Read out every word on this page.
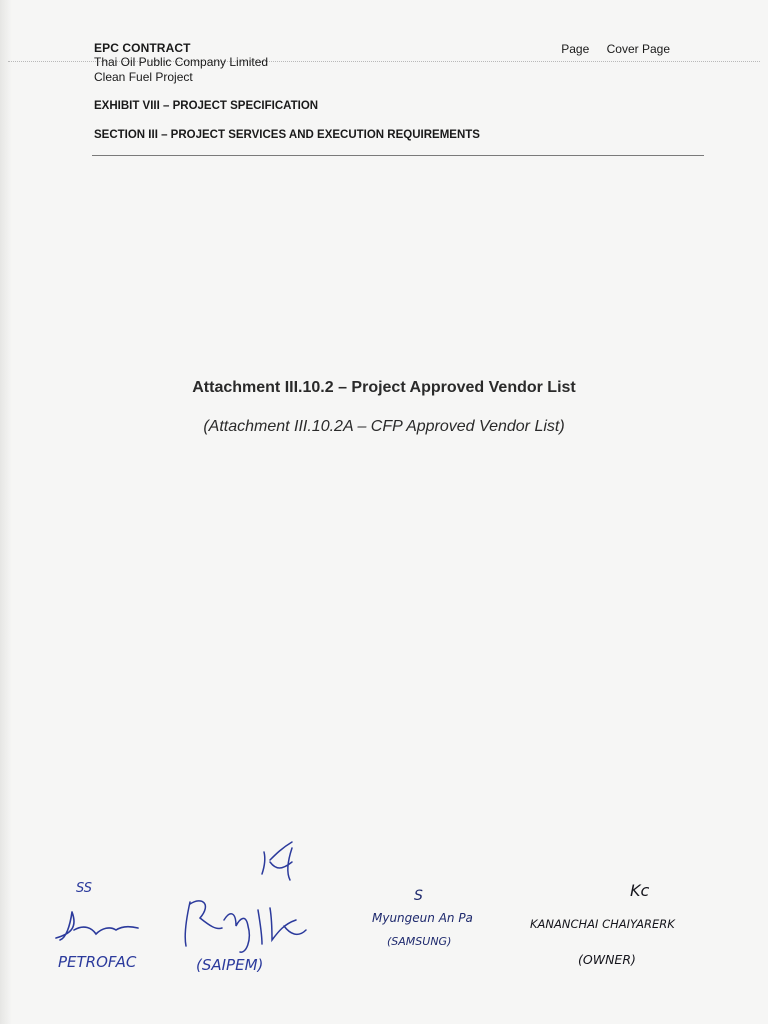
EPC CONTRACT
Thai Oil Public Company Limited
Clean Fuel Project
Page Cover Page
EXHIBIT VIII – PROJECT SPECIFICATION
SECTION III – PROJECT SERVICES AND EXECUTION REQUIREMENTS
Attachment III.10.2 – Project Approved Vendor List
(Attachment III.10.2A – CFP Approved Vendor List)
SS
PETROFAC	(SAIPEM)
S
Myungeun An Pa
(SAMSUNG)
Kc
KANANCHAI CHAIYARERK
(OWNER)
